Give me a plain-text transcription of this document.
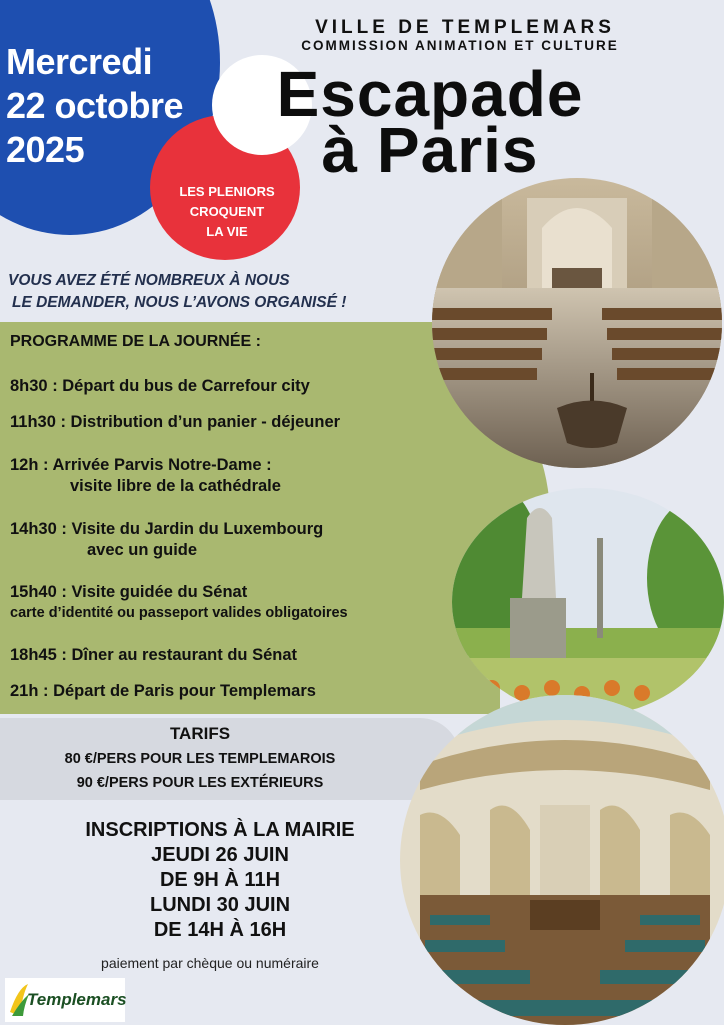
Mercredi
22 octobre
2025
LES PLENIORS
CROQUENT
LA VIE
VILLE DE TEMPLEMARS
COMMISSION ANIMATION ET CULTURE
Escapade
à Paris
VOUS AVEZ ÉTÉ NOMBREUX À NOUS
LE DEMANDER, NOUS L’AVONS ORGANISÉ !
PROGRAMME DE LA JOURNÉE :
8h30 : Départ du bus de Carrefour city
11h30 : Distribution d’un panier - déjeuner
12h : Arrivée Parvis Notre-Dame :
visite libre de la cathédrale
14h30 : Visite du Jardin du Luxembourg
avec un guide
15h40 : Visite guidée du Sénat
carte d’identité ou passeport valides obligatoires
18h45 : Dîner au restaurant du Sénat
21h : Départ de Paris pour Templemars
TARIFS
80 €/PERS POUR LES TEMPLEMAROIS
90 €/PERS POUR LES EXTÉRIEURS
INSCRIPTIONS À LA MAIRIE
JEUDI 26 JUIN
DE 9H À 11H
LUNDI 30 JUIN
DE 14H À 16H
paiement par chèque ou numéraire
Templemars
